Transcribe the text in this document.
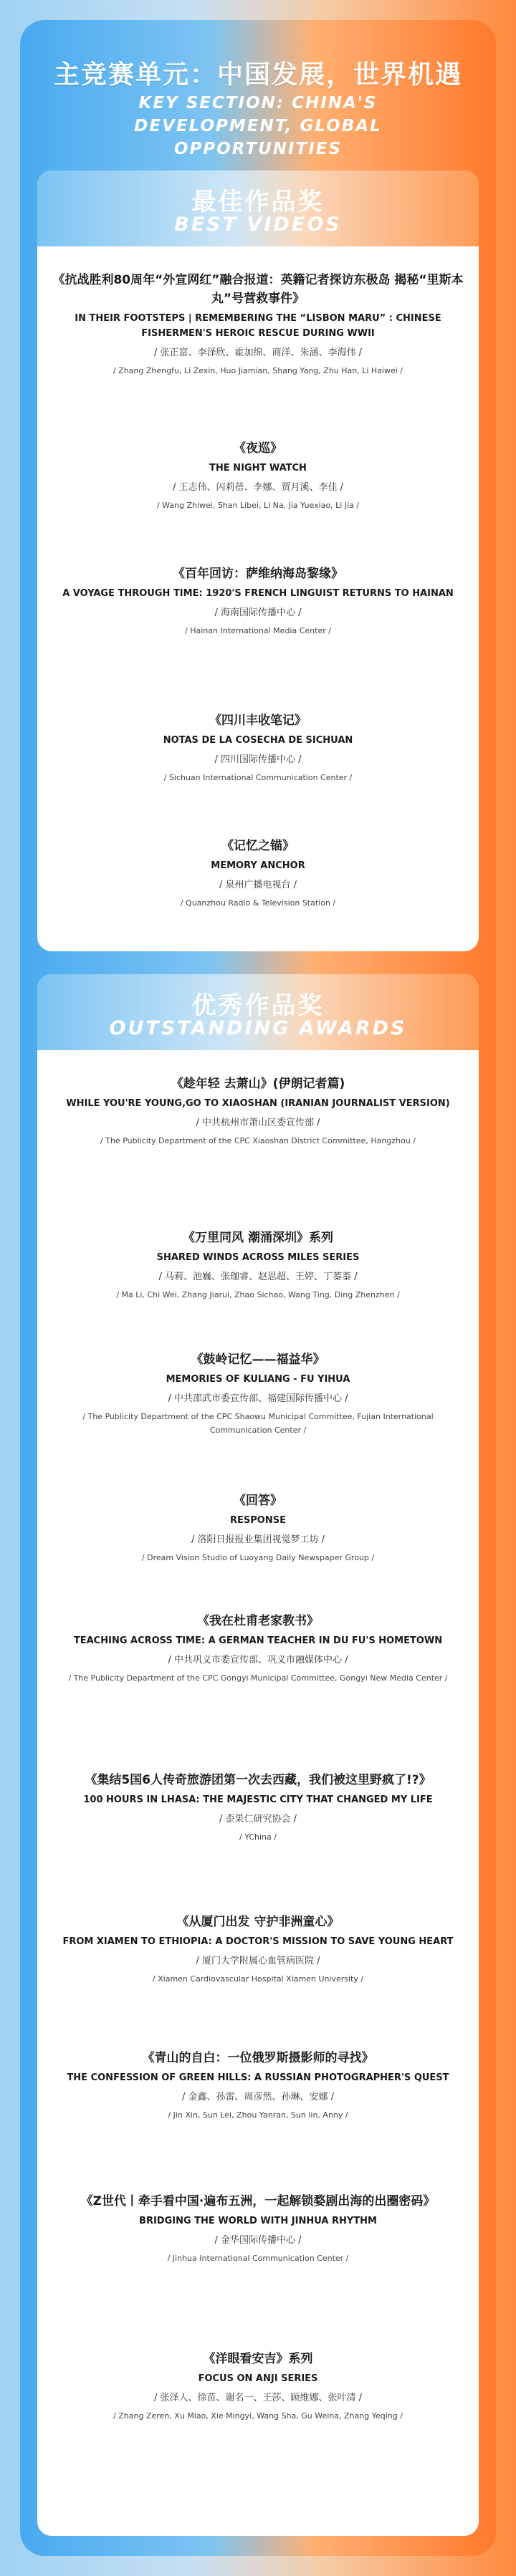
主竞赛单元：中国发展，世界机遇
KEY SECTION: CHINA'S DEVELOPMENT, GLOBAL OPPORTUNITIES
最佳作品奖
BEST VIDEOS
《抗战胜利80周年“外宣网红”融合报道：英籍记者探访东极岛 揭秘“里斯本丸”号营救事件》
IN THEIR FOOTSTEPS | REMEMBERING THE “LISBON MARU” : CHINESE FISHERMEN'S HEROIC RESCUE DURING WWII
/ 张正富、李泽欣、霍加绵、商洋、朱涵、李海伟 /
/ Zhang Zhengfu, Li Zexin, Huo Jiamian, Shang Yang, Zhu Han, Li Haiwei /
《夜巡》
THE NIGHT WATCH
/ 王志伟、闪莉蓓、李娜、贾月溪、李佳 /
/ Wang Zhiwei, Shan Libei, Li Na, Jia Yuexiao, Li Jia /
《百年回访：萨维纳海岛黎缘》
A VOYAGE THROUGH TIME: 1920'S FRENCH LINGUIST RETURNS TO HAINAN
/ 海南国际传播中心 /
/ Hainan International Media Center /
《四川丰收笔记》
NOTAS DE LA COSECHA DE SICHUAN
/ 四川国际传播中心 /
/ Sichuan International Communication Center /
《记忆之锚》
MEMORY ANCHOR
/ 泉州广播电视台 /
/ Quanzhou Radio & Television Station /
优秀作品奖
OUTSTANDING AWARDS
《趁年轻 去萧山》(伊朗记者篇)
WHILE YOU'RE YOUNG,GO TO XIAOSHAN (IRANIAN JOURNALIST VERSION)
/ 中共杭州市萧山区委宣传部 /
/ The Publicity Department of the CPC Xiaoshan District Committee, Hangzhou /
《万里同风 潮涌深圳》系列
SHARED WINDS ACROSS MILES SERIES
/ 马莉、池巍、张珈睿、赵思超、王婷、丁蓁蓁 /
/ Ma Li, Chi Wei, Zhang Jiarui, Zhao Sichao, Wang Ting, Ding Zhenzhen /
《鼓岭记忆——福益华》
MEMORIES OF KULIANG - FU YIHUA
/ 中共邵武市委宣传部、福建国际传播中心 /
/ The Publicity Department of the CPC Shaowu Municipal Committee, Fujian International Communication Center /
《回答》
RESPONSE
/ 洛阳日报报业集团视觉梦工坊 /
/ Dream Vision Studio of Luoyang Daily Newspaper Group /
《我在杜甫老家教书》
TEACHING ACROSS TIME: A GERMAN TEACHER IN DU FU'S HOMETOWN
/ 中共巩义市委宣传部、巩义市融媒体中心 /
/ The Publicity Department of the CPC Gongyi Municipal Committee, Gongyi New Media Center /
《集结5国6人传奇旅游团第一次去西藏，我们被这里野疯了!?》
100 HOURS IN LHASA: THE MAJESTIC CITY THAT CHANGED MY LIFE
/ 歪果仁研究协会 /
/ YChina /
《从厦门出发 守护非洲童心》
FROM XIAMEN TO ETHIOPIA: A DOCTOR'S MISSION TO SAVE YOUNG HEART
/ 厦门大学附属心血管病医院 /
/ Xiamen Cardiovascular Hospital Xiamen University /
《青山的自白：一位俄罗斯摄影师的寻找》
THE CONFESSION OF GREEN HILLS: A RUSSIAN PHOTOGRAPHER'S QUEST
/ 金鑫、孙雷、周彦然、孙琳、安娜 /
/ Jin Xin, Sun Lei, Zhou Yanran, Sun lin, Anny /
《Z世代丨牵手看中国·遍布五洲，一起解锁婺剧出海的出圈密码》
BRIDGING THE WORLD WITH JINHUA RHYTHM
/ 金华国际传播中心 /
/ Jinhua International Communication Center /
《洋眼看安吉》系列
FOCUS ON ANJI SERIES
/ 张泽人、徐苗、谢名一、王莎、顾维娜、张叶清 /
/ Zhang Zeren, Xu Miao, Xie Mingyi, Wang Sha, Gu Weina, Zhang Yeqing /
